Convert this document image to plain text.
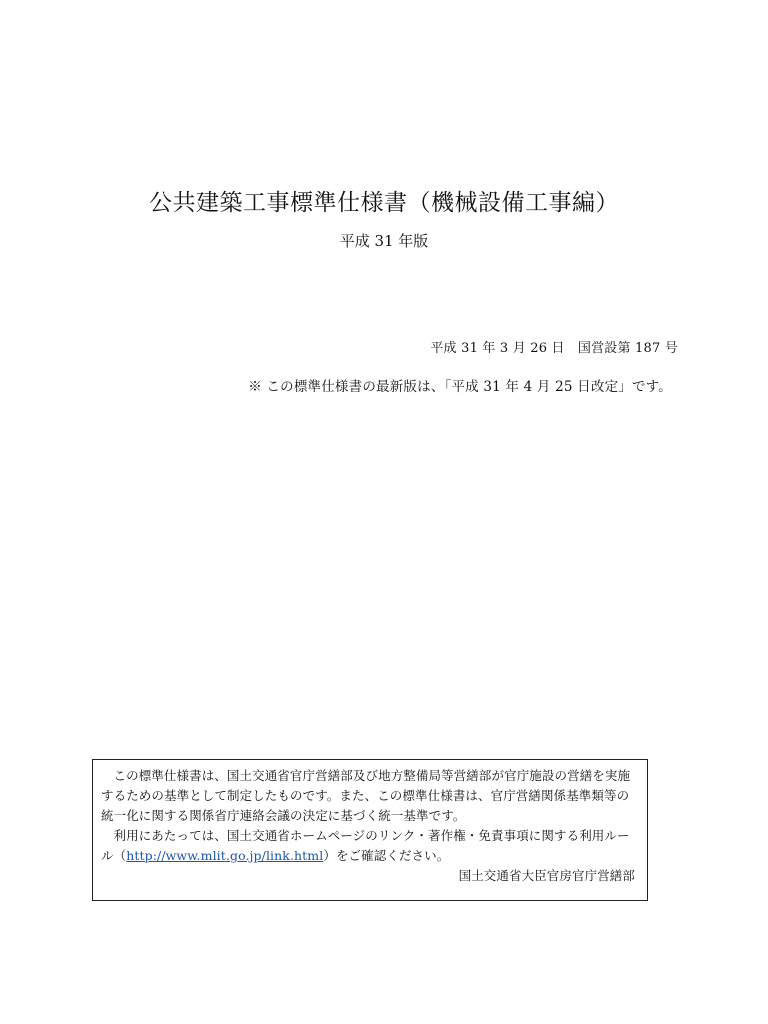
公共建築工事標準仕様書（機械設備工事編）
平成 31 年版
平成 31 年 3 月 26 日　国営設第 187 号
※ この標準仕様書の最新版は、「平成 31 年 4 月 25 日改定」です。

この標準仕様書は、国土交通省官庁営繕部及び地方整備局等営繕部が官庁施設の営繕を実施するための基準として制定したものです。また、この標準仕様書は、官庁営繕関係基準類等の統一化に関する関係省庁連絡会議の決定に基づく統一基準です。

利用にあたっては、国土交通省ホームページのリンク・著作権・免責事項に関する利用ルール（http://www.mlit.go.jp/link.html）をご確認ください。

国土交通省大臣官房官庁営繕部
